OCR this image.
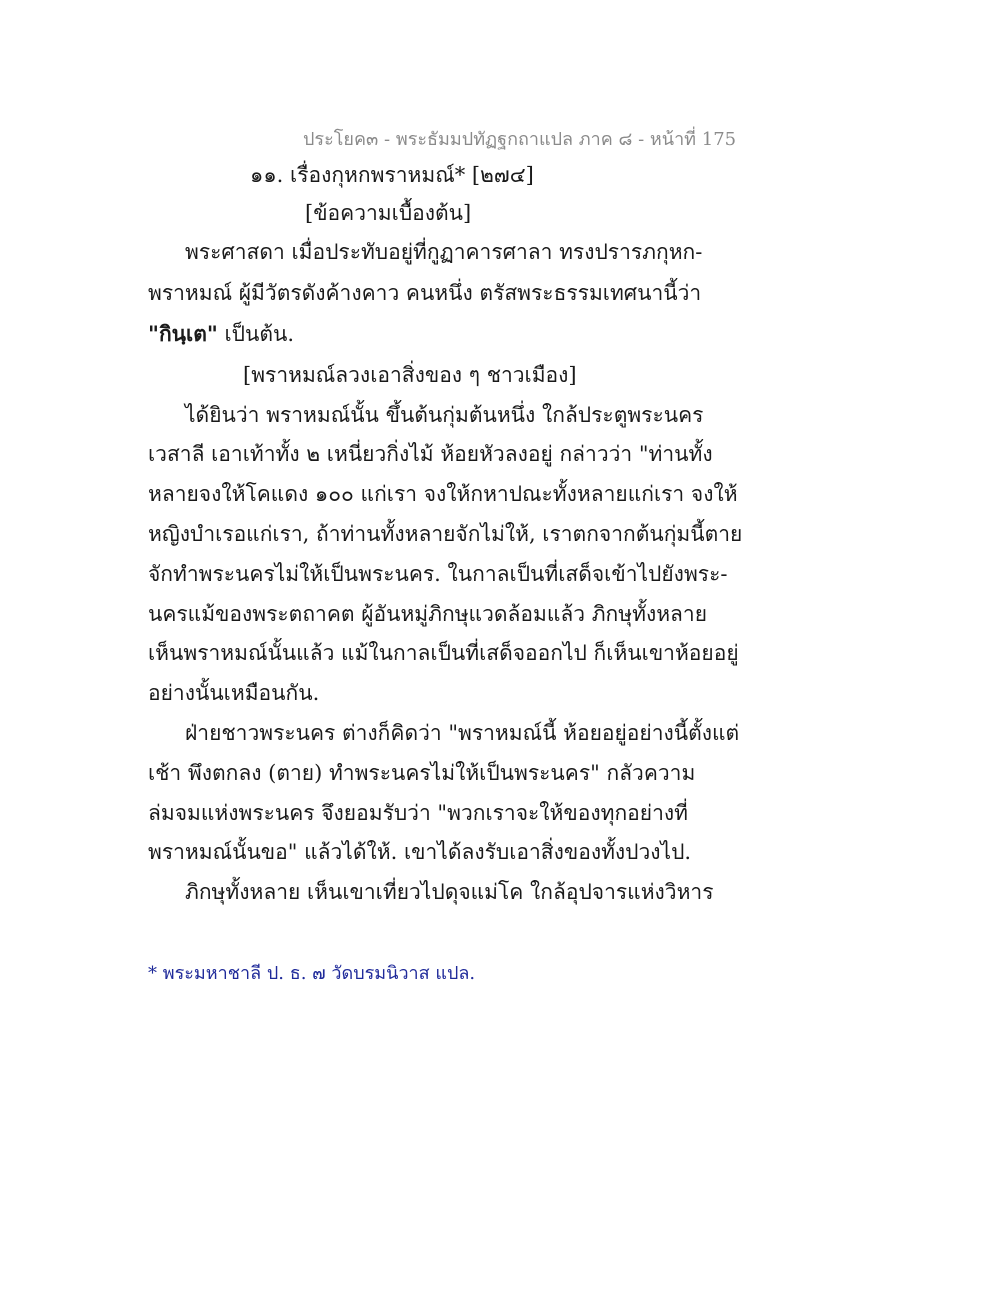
ประโยค๓ - พระธัมมปทัฏฐกถาแปล ภาค ๘ - หน้าที่ 175
๑๑. เรื่องกุหกพราหมณ์* [๒๗๔]
[ข้อความเบื้องต้น]
พระศาสดา เมื่อประทับอยู่ที่กูฏาคารศาลา ทรงปรารภกุหก-
พราหมณ์ ผู้มีวัตรดังค้างคาว คนหนึ่ง ตรัสพระธรรมเทศนานี้ว่า
"กินฺเต" เป็นต้น.
[พราหมณ์ลวงเอาสิ่งของ ๆ ชาวเมือง]
ได้ยินว่า พราหมณ์นั้น ขึ้นต้นกุ่มต้นหนึ่ง ใกล้ประตูพระนคร
เวสาลี เอาเท้าทั้ง ๒ เหนี่ยวกิ่งไม้ ห้อยหัวลงอยู่ กล่าวว่า "ท่านทั้ง
หลายจงให้โคแดง ๑๐๐ แก่เรา จงให้กหาปณะทั้งหลายแก่เรา จงให้
หญิงบำเรอแก่เรา, ถ้าท่านทั้งหลายจักไม่ให้, เราตกจากต้นกุ่มนี้ตาย
จักทำพระนครไม่ให้เป็นพระนคร. ในกาลเป็นที่เสด็จเข้าไปยังพระ-
นครแม้ของพระตถาคต ผู้อันหมู่ภิกษุแวดล้อมแล้ว ภิกษุทั้งหลาย
เห็นพราหมณ์นั้นแล้ว แม้ในกาลเป็นที่เสด็จออกไป ก็เห็นเขาห้อยอยู่
อย่างนั้นเหมือนกัน.
ฝ่ายชาวพระนคร ต่างก็คิดว่า "พราหมณ์นี้ ห้อยอยู่อย่างนี้ตั้งแต่
เช้า พึงตกลง (ตาย) ทำพระนครไม่ให้เป็นพระนคร" กลัวความ
ล่มจมแห่งพระนคร จึงยอมรับว่า "พวกเราจะให้ของทุกอย่างที่
พราหมณ์นั้นขอ" แล้วได้ให้. เขาได้ลงรับเอาสิ่งของทั้งปวงไป.
ภิกษุทั้งหลาย เห็นเขาเที่ยวไปดุจแม่โค ใกล้อุปจารแห่งวิหาร
* พระมหาชาลี ป. ธ. ๗ วัดบรมนิวาส แปล.
